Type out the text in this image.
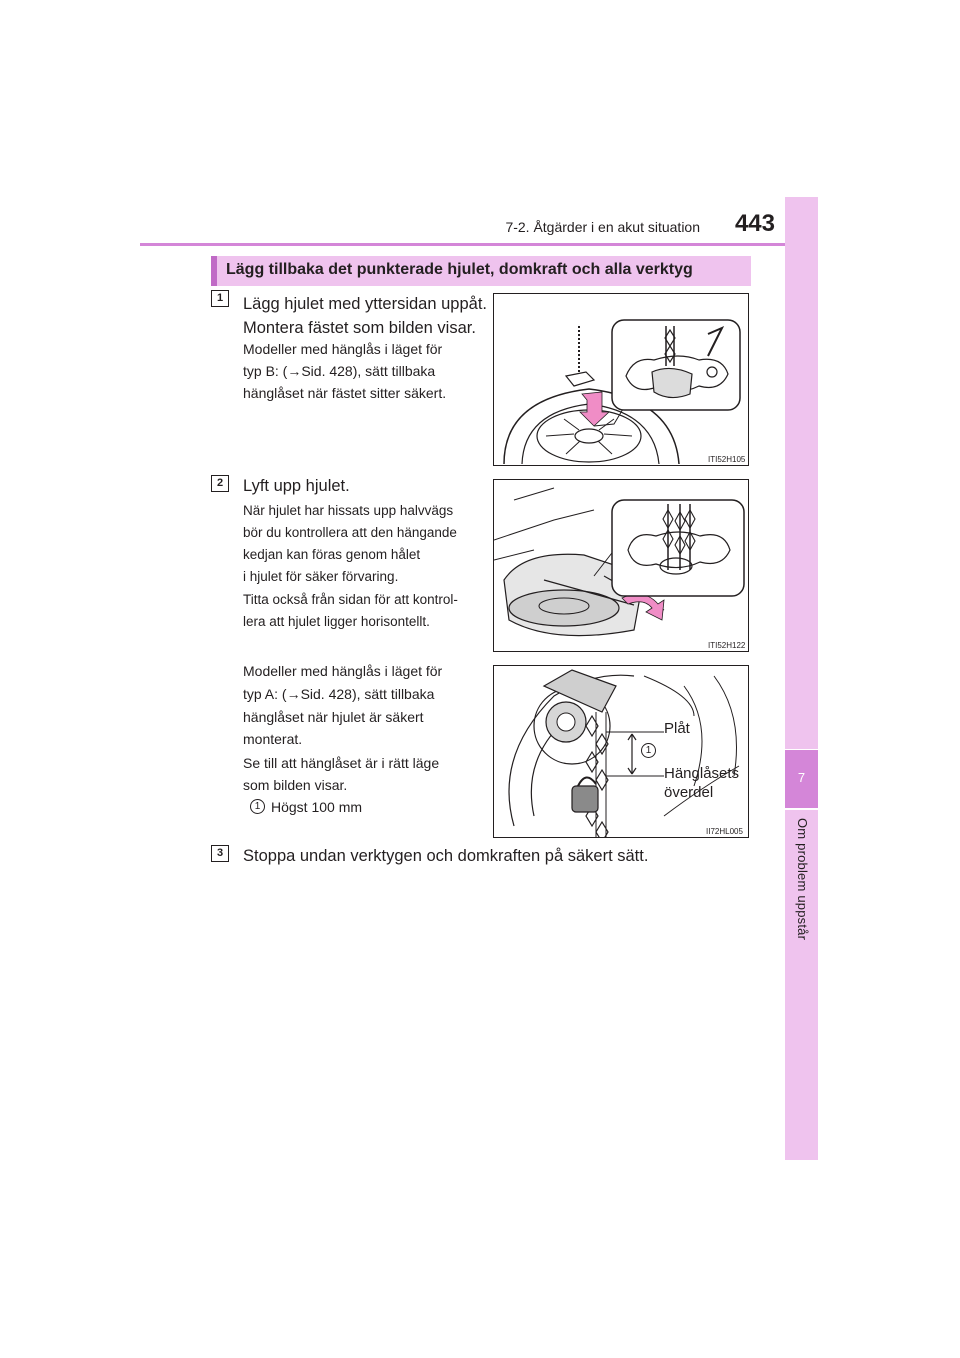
7-2. Åtgärder i en akut situation	443
7
Om problem uppstår
Lägg tillbaka det punkterade hjulet, domkraft och alla verktyg
1	Lägg hjulet med yttersidan uppåt.
Montera fästet som bilden visar.
Modeller med hänglås i läget för
typ B: (→Sid. 428), sätt tillbaka
hänglåset när fästet sitter säkert.
ITI52H105
2	Lyft upp hjulet.
När hjulet har hissats upp halvvägs
bör du kontrollera att den hängande
kedjan kan föras genom hålet
i hjulet för säker förvaring.
Titta också från sidan för att kontrol-
lera att hjulet ligger horisontellt.
Modeller med hänglås i läget för
typ A: (→Sid. 428), sätt tillbaka
hänglåset när hjulet är säkert
monterat.
Se till att hänglåset är i rätt läge
som bilden visar.
1 Högst 100 mm
ITI52H122
1
Plåt
Hänglåsets
överdel
II72HL005
3	Stoppa undan verktygen och domkraften på säkert sätt.
